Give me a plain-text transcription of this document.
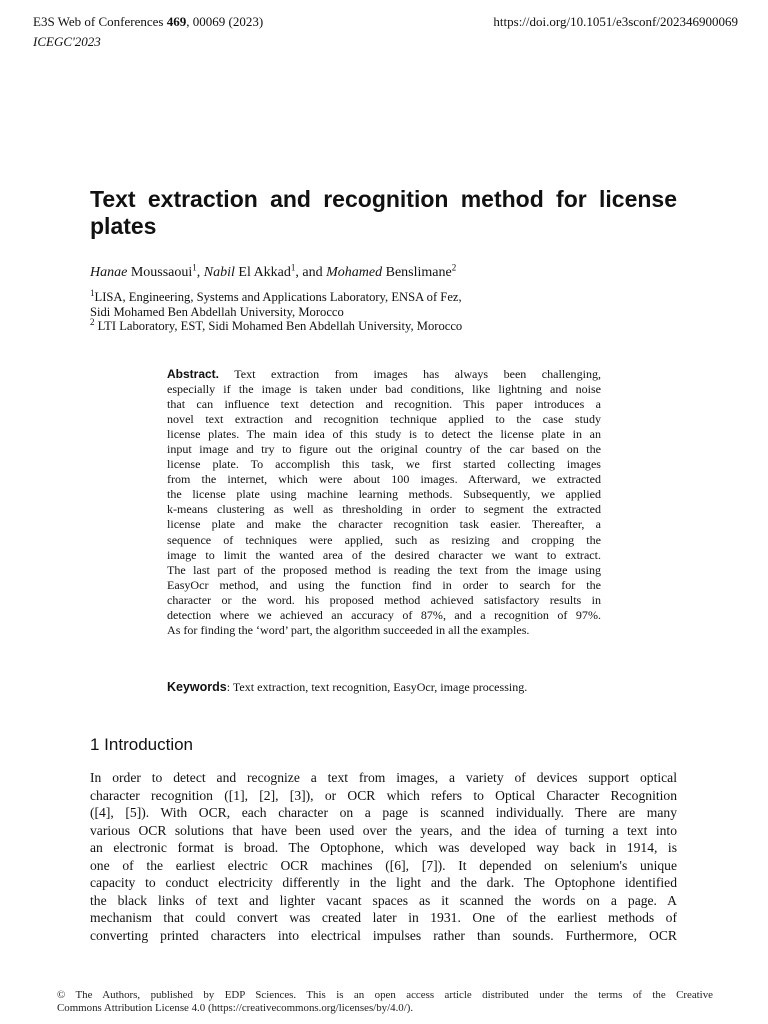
E3S Web of Conferences 469, 00069 (2023)
ICEGC'2023
https://doi.org/10.1051/e3sconf/202346900069
Text extraction and recognition method for license plates
Hanae Moussaoui$^1$, Nabil El Akkad$^1$, and Mohamed Benslimane$^2$
$^1$LISA, Engineering, Systems and Applications Laboratory, ENSA of Fez,
Sidi Mohamed Ben Abdellah University, Morocco
$^2$ LTI Laboratory, EST, Sidi Mohamed Ben Abdellah University, Morocco
Abstract. Text extraction from images has always been challenging,
especially if the image is taken under bad conditions, like lightning and noise
that can influence text detection and recognition. This paper introduces a
novel text extraction and recognition technique applied to the case study
license plates. The main idea of this study is to detect the license plate in an
input image and try to figure out the original country of the car based on the
license plate. To accomplish this task, we first started collecting images
from the internet, which were about 100 images. Afterward, we extracted
the license plate using machine learning methods. Subsequently, we applied
k-means clustering as well as thresholding in order to segment the extracted
license plate and make the character recognition task easier. Thereafter, a
sequence of techniques were applied, such as resizing and cropping the
image to limit the wanted area of the desired character we want to extract.
The last part of the proposed method is reading the text from the image using
EasyOcr method, and using the function find in order to search for the
character or the word. his proposed method achieved satisfactory results in
detection where we achieved an accuracy of 87%, and a recognition of 97%.
As for finding the ‘word’ part, the algorithm succeeded in all the examples.
Keywords: Text extraction, text recognition, EasyOcr, image processing.
1 Introduction
In order to detect and recognize a text from images, a variety of devices support optical
character recognition ([1], [2], [3]), or OCR which refers to Optical Character Recognition
([4], [5]). With OCR, each character on a page is scanned individually. There are many
various OCR solutions that have been used over the years, and the idea of turning a text into
an electronic format is broad. The Optophone, which was developed way back in 1914, is
one of the earliest electric OCR machines ([6], [7]). It depended on selenium's unique
capacity to conduct electricity differently in the light and the dark. The Optophone identified
the black links of text and lighter vacant spaces as it scanned the words on a page. A
mechanism that could convert was created later in 1931. One of the earliest methods of
converting printed characters into electrical impulses rather than sounds. Furthermore, OCR
© The Authors, published by EDP Sciences. This is an open access article distributed under the terms of the Creative
Commons Attribution License 4.0 (https://creativecommons.org/licenses/by/4.0/).
